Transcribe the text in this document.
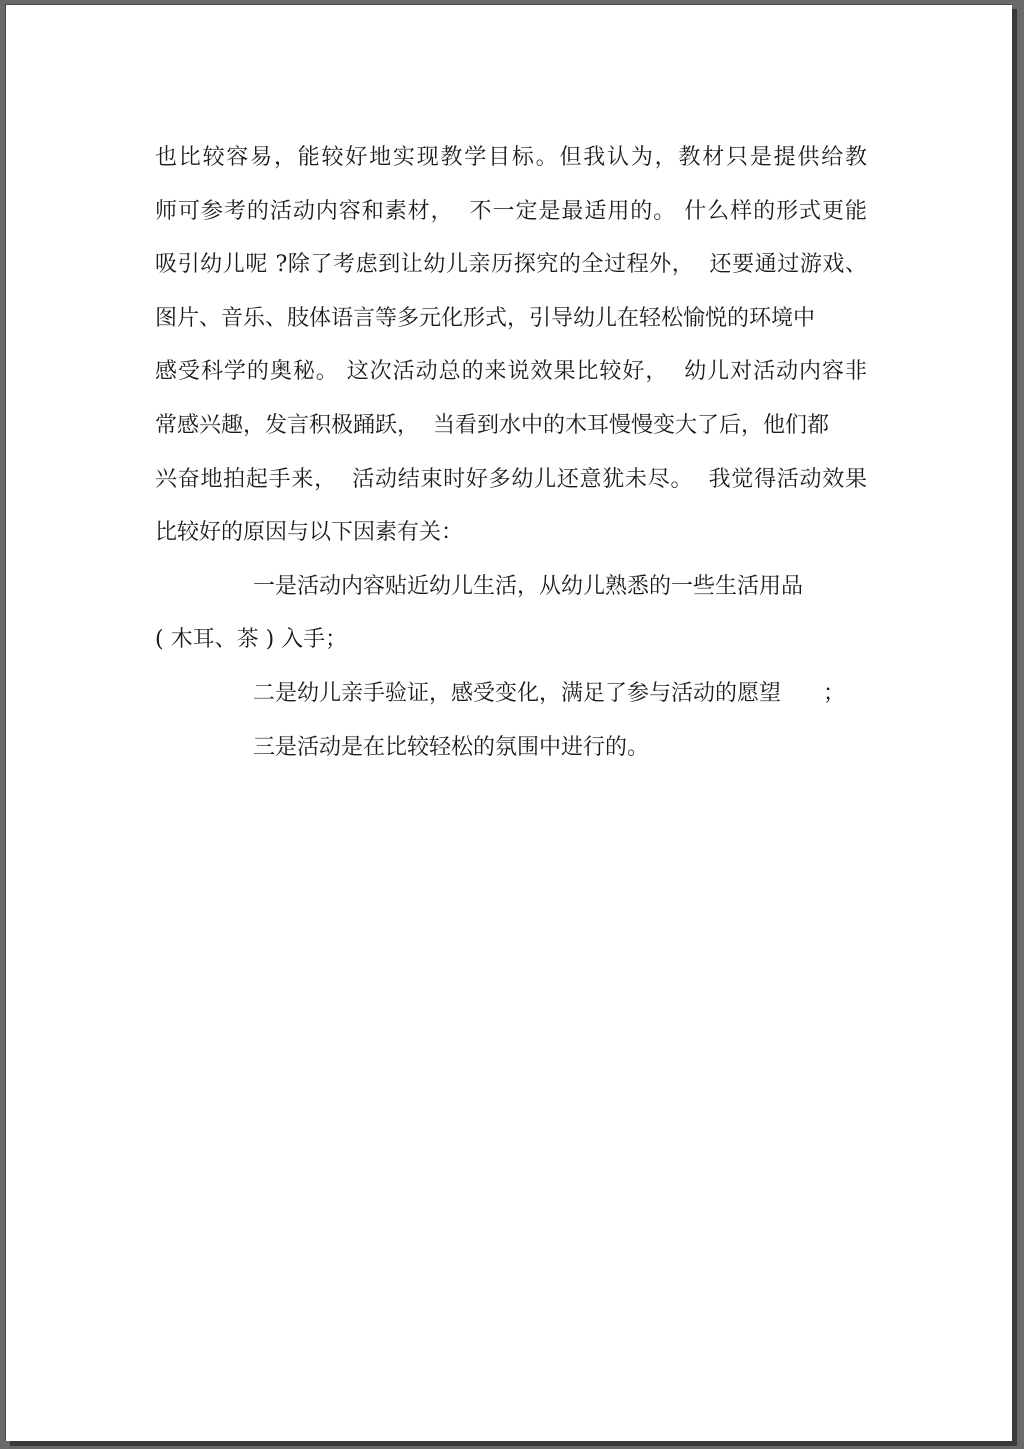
也比较容易，能较好地实现教学目标。但我认为，教材只是提供给教
师可参考的活动内容和素材，  不一定是最适用的。 什么样的形式更能
吸引幼儿呢 ?除了考虑到让幼儿亲历探究的全过程外，  还要通过游戏、
图片、音乐、肢体语言等多元化形式，引导幼儿在轻松愉悦的环境中
感受科学的奥秘。 这次活动总的来说效果比较好，  幼儿对活动内容非
常感兴趣，发言积极踊跃，  当看到水中的木耳慢慢变大了后，他们都
兴奋地拍起手来，  活动结束时好多幼儿还意犹未尽。  我觉得活动效果
比较好的原因与以下因素有关：
一是活动内容贴近幼儿生活，从幼儿熟悉的一些生活用品
( 木耳、茶 ) 入手；
二是幼儿亲手验证，感受变化，满足了参与活动的愿望      ；
三是活动是在比较轻松的氛围中进行的。
